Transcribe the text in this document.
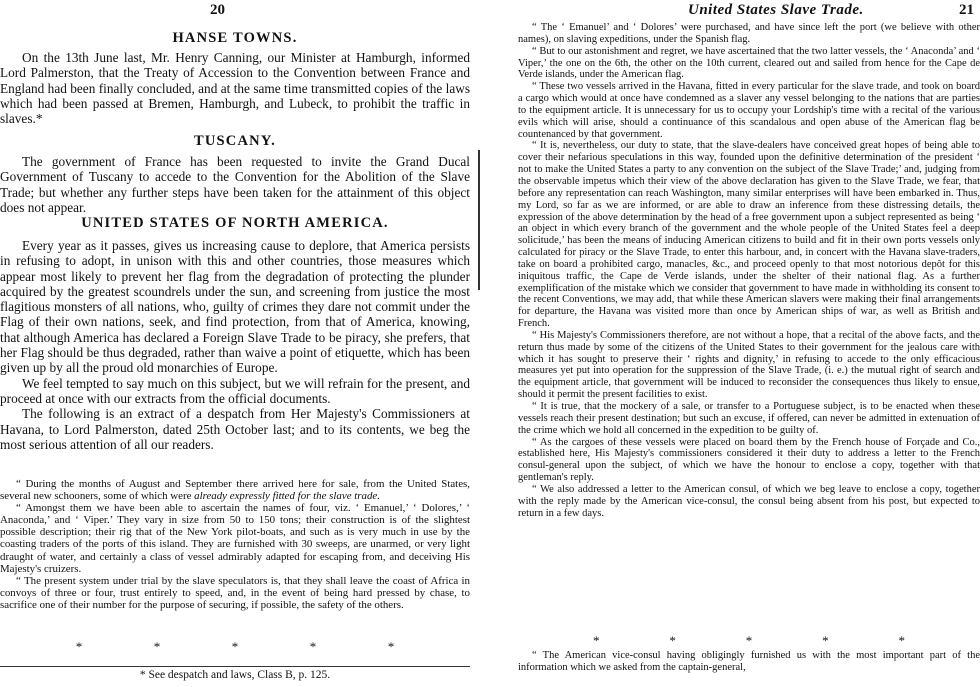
20
HANSE TOWNS.

On the 13th June last, Mr. Henry Canning, our Minister at Hamburgh, informed Lord Palmerston, that the Treaty of Accession to the Convention between France and England had been finally concluded, and at the same time transmitted copies of the laws which had been passed at Bremen, Hamburgh, and Lubeck, to prohibit the traffic in slaves.*

TUSCANY.

The government of France has been requested to invite the Grand Ducal Government of Tuscany to accede to the Convention for the Abolition of the Slave Trade; but whether any further steps have been taken for the attainment of this object does not appear.

UNITED STATES OF NORTH AMERICA.

Every year as it passes, gives us increasing cause to deplore, that America persists in refusing to adopt, in unison with this and other countries, those measures which appear most likely to prevent her flag from the degradation of protecting the plunder acquired by the greatest scoundrels under the sun, and screening from justice the most flagitious monsters of all nations, who, guilty of crimes they dare not commit under the Flag of their own nations, seek, and find protection, from that of America, knowing, that although America has declared a Foreign Slave Trade to be piracy, she prefers, that her Flag should be thus degraded, rather than waive a point of etiquette, which has been given up by all the proud old monarchies of Europe.

We feel tempted to say much on this subject, but we will refrain for the present, and proceed at once with our extracts from the official documents.

The following is an extract of a despatch from Her Majesty's Commissioners at Havana, to Lord Palmerston, dated 25th October last; and to its contents, we beg the most serious attention of all our readers.

“ During the months of August and September there arrived here for sale, from the United States, several new schooners, some of which were already expressly fitted for the slave trade.

“ Amongst them we have been able to ascertain the names of four, viz. ‘ Emanuel,’ ‘ Dolores,’ ‘ Anaconda,’ and ‘ Viper.’ They vary in size from 50 to 150 tons; their construction is of the slightest possible description; their rig that of the New York pilot-boats, and such as is very much in use by the coasting traders of the ports of this island. They are furnished with 30 sweeps, are unarmed, or very light draught of water, and certainly a class of vessel admirably adapted for escaping from, and deceiving His Majesty's cruizers.

“ The present system under trial by the slave speculators is, that they shall leave the coast of Africa in convoys of three or four, trust entirely to speed, and, in the event of being hard pressed by chase, to sacrifice one of their number for the purpose of securing, if possible, the safety of the others.

*	*	*	*	*
* See despatch and laws, Class B, p. 125.
United States Slave Trade.	21

“ The ‘ Emanuel’ and ‘ Dolores’ were purchased, and have since left the port (we believe with other names), on slaving expeditions, under the Spanish flag.

“ But to our astonishment and regret, we have ascertained that the two latter vessels, the ‘ Anaconda’ and ‘ Viper,’ the one on the 6th, the other on the 10th current, cleared out and sailed from hence for the Cape de Verde islands, under the American flag.

“ These two vessels arrived in the Havana, fitted in every particular for the slave trade, and took on board a cargo which would at once have condemned as a slaver any vessel belonging to the nations that are parties to the equipment article. It is unnecessary for us to occupy your Lordship's time with a recital of the various evils which will arise, should a continuance of this scandalous and open abuse of the American flag be countenanced by that government.

“ It is, nevertheless, our duty to state, that the slave-dealers have conceived great hopes of being able to cover their nefarious speculations in this way, founded upon the definitive determination of the president ‘ not to make the United States a party to any convention on the subject of the Slave Trade;’ and, judging from the observable impetus which their view of the above declaration has given to the Slave Trade, we fear, that before any representation can reach Washington, many similar enterprises will have been embarked in. Thus, my Lord, so far as we are informed, or are able to draw an inference from these distressing details, the expression of the above determination by the head of a free government upon a subject represented as being ‘ an object in which every branch of the government and the whole people of the United States feel a deep solicitude,’ has been the means of inducing American citizens to build and fit in their own ports vessels only calculated for piracy or the Slave Trade, to enter this harbour, and, in concert with the Havana slave-traders, take on board a prohibited cargo, manacles, &c., and proceed openly to that most notorious depôt for this iniquitous traffic, the Cape de Verde islands, under the shelter of their national flag. As a further exemplification of the mistake which we consider that government to have made in withholding its consent to the recent Conventions, we may add, that while these American slavers were making their final arrangements for departure, the Havana was visited more than once by American ships of war, as well as British and French.

“ His Majesty's Commissioners therefore, are not without a hope, that a recital of the above facts, and the return thus made by some of the citizens of the United States to their government for the jealous care with which it has sought to preserve their ‘ rights and dignity,’ in refusing to accede to the only efficacious measures yet put into operation for the suppression of the Slave Trade, (i. e.) the mutual right of search and the equipment article, that government will be induced to reconsider the consequences thus likely to ensue, should it permit the present facilities to exist.

“ It is true, that the mockery of a sale, or transfer to a Portuguese subject, is to be enacted when these vessels reach their present destination; but such an excuse, if offered, can never be admitted in extenuation of the crime which we hold all concerned in the expedition to be guilty of.

“ As the cargoes of these vessels were placed on board them by the French house of Forçade and Co., established here, His Majesty's commissioners considered it their duty to address a letter to the French consul-general upon the subject, of which we have the honour to enclose a copy, together with that gentleman's reply.

“ We also addressed a letter to the American consul, of which we beg leave to enclose a copy, together with the reply made by the American vice-consul, the consul being absent from his post, but expected to return in a few days.

*	*	*	*	*

“ The American vice-consul having obligingly furnished us with the most important part of the information which we asked from the captain-general,
